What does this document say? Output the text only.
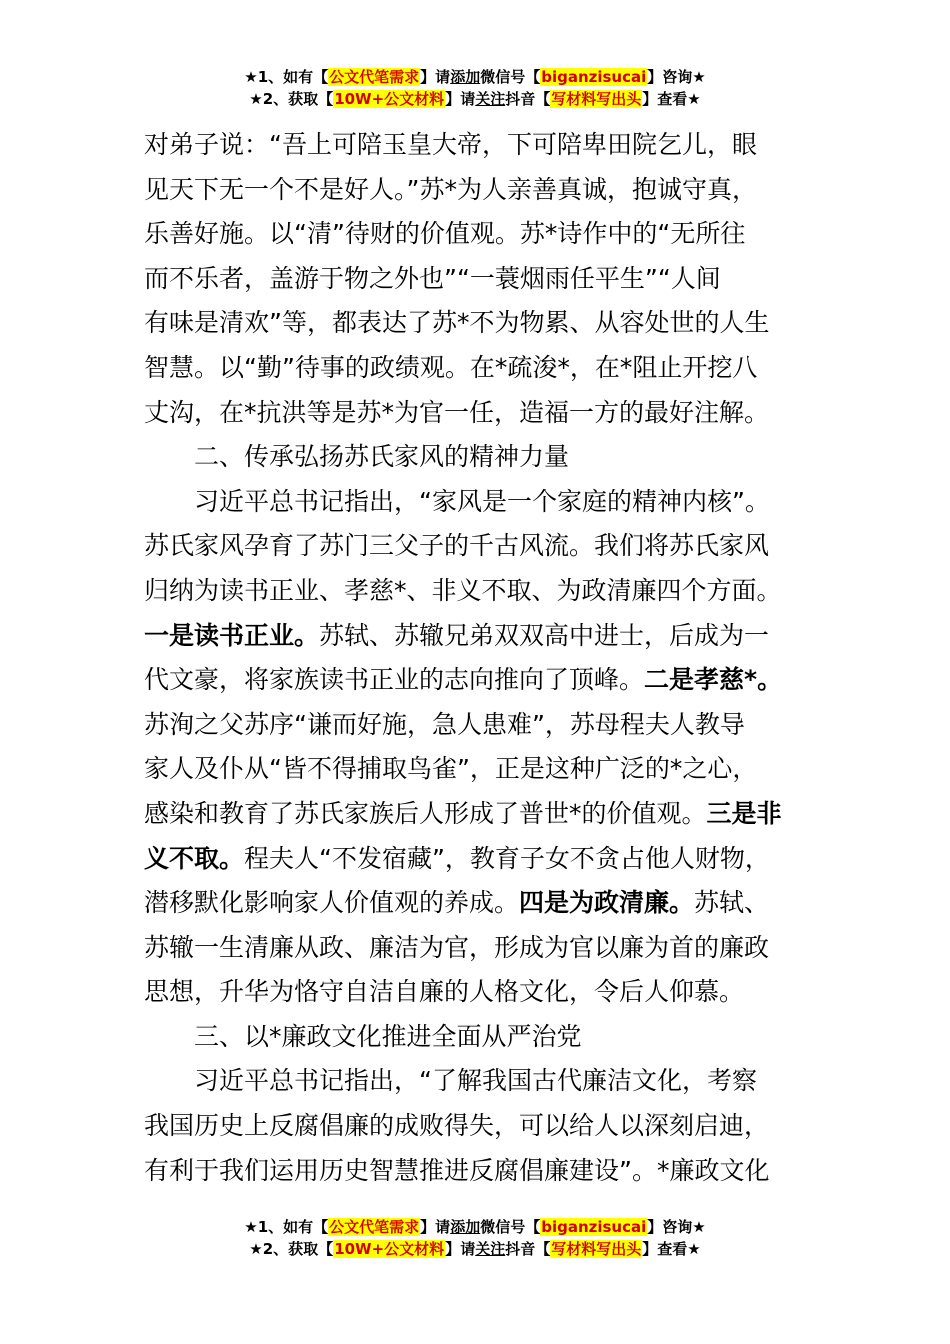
★1、如有【公文代笔需求】请添加微信号【biganzisucai】咨询★
★2、获取【10W+公文材料】请关注抖音【写材料写出头】查看★
对弟子说：“吾上可陪玉皇大帝，下可陪卑田院乞儿，眼
见天下无一个不是好人。”苏*为人亲善真诚，抱诚守真，
乐善好施。以“清”待财的价值观。苏*诗作中的“无所往
而不乐者，盖游于物之外也”“一蓑烟雨任平生”“人间
有味是清欢”等，都表达了苏*不为物累、从容处世的人生
智慧。以“勤”待事的政绩观。在*疏浚*，在*阻止开挖八
丈沟，在*抗洪等是苏*为官一任，造福一方的最好注解。
二、传承弘扬苏氏家风的精神力量
习近平总书记指出，“家风是一个家庭的精神内核”。
苏氏家风孕育了苏门三父子的千古风流。我们将苏氏家风
归纳为读书正业、孝慈*、非义不取、为政清廉四个方面。
一是读书正业。苏轼、苏辙兄弟双双高中进士，后成为一
代文豪，将家族读书正业的志向推向了顶峰。二是孝慈*。
苏洵之父苏序“谦而好施，急人患难”，苏母程夫人教导
家人及仆从“皆不得捕取鸟雀”，正是这种广泛的*之心，
感染和教育了苏氏家族后人形成了普世*的价值观。三是非
义不取。程夫人“不发宿藏”，教育子女不贪占他人财物，
潜移默化影响家人价值观的养成。四是为政清廉。苏轼、
苏辙一生清廉从政、廉洁为官，形成为官以廉为首的廉政
思想，升华为恪守自洁自廉的人格文化，令后人仰慕。
三、以*廉政文化推进全面从严治党
习近平总书记指出，“了解我国古代廉洁文化，考察
我国历史上反腐倡廉的成败得失，可以给人以深刻启迪，
有利于我们运用历史智慧推进反腐倡廉建设”。*廉政文化
★1、如有【公文代笔需求】请添加微信号【biganzisucai】咨询★
★2、获取【10W+公文材料】请关注抖音【写材料写出头】查看★
